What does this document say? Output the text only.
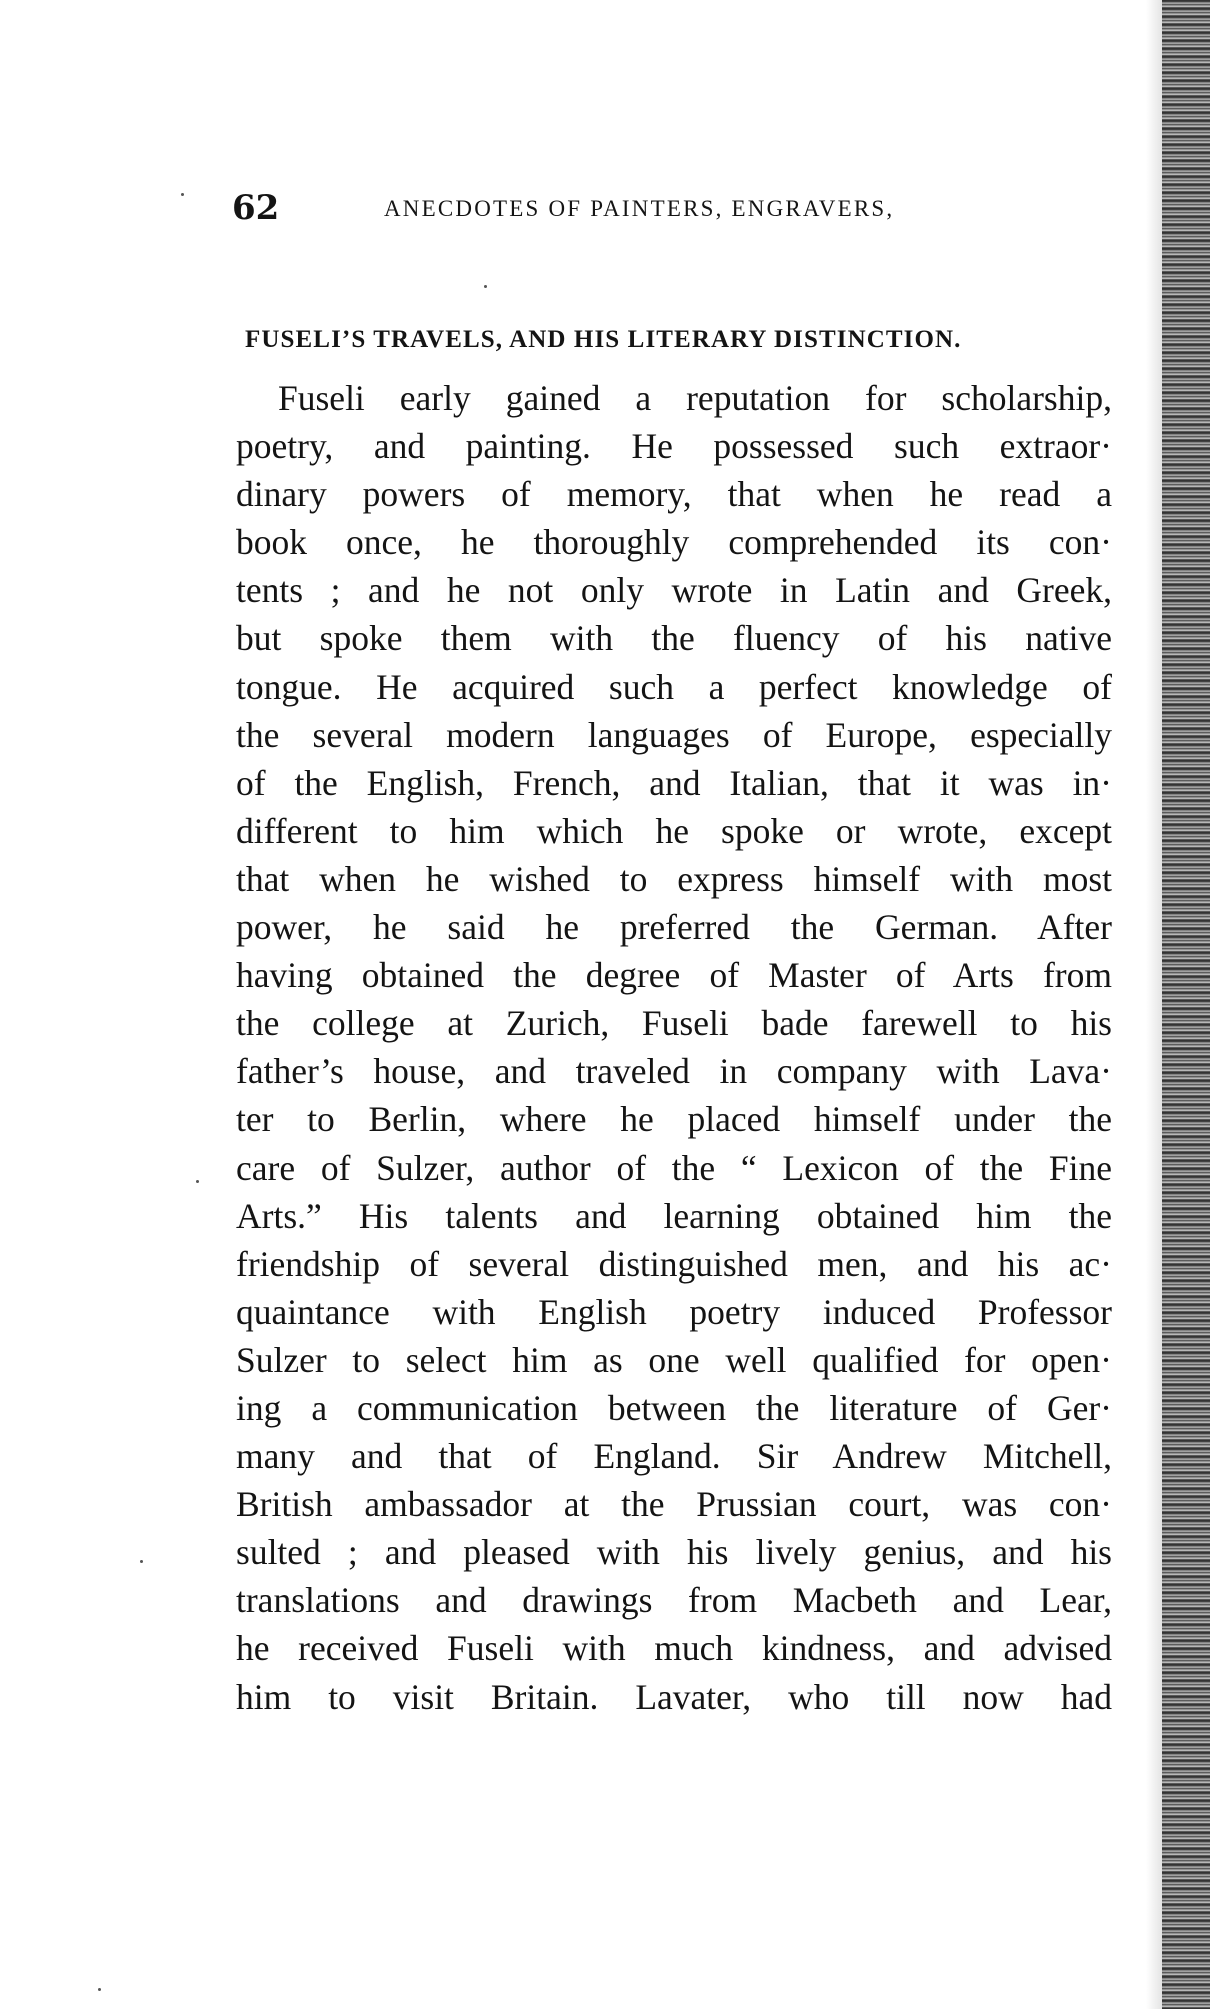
62	ANECDOTES OF PAINTERS, ENGRAVERS,
FUSELI’S TRAVELS, AND HIS LITERARY DISTINCTION.
Fuseli early gained a reputation for scholarship,
poetry, and painting. He possessed such extraor·
dinary powers of memory, that when he read a
book once, he thoroughly comprehended its con·
tents ; and he not only wrote in Latin and Greek,
but spoke them with the fluency of his native
tongue. He acquired such a perfect knowledge of
the several modern languages of Europe, especially
of the English, French, and Italian, that it was in·
different to him which he spoke or wrote, except
that when he wished to express himself with most
power, he said he preferred the German. After
having obtained the degree of Master of Arts from
the college at Zurich, Fuseli bade farewell to his
father’s house, and traveled in company with Lava·
ter to Berlin, where he placed himself under the
care of Sulzer, author of the “ Lexicon of the Fine
Arts.” His talents and learning obtained him the
friendship of several distinguished men, and his ac·
quaintance with English poetry induced Professor
Sulzer to select him as one well qualified for open·
ing a communication between the literature of Ger·
many and that of England. Sir Andrew Mitchell,
British ambassador at the Prussian court, was con·
sulted ; and pleased with his lively genius, and his
translations and drawings from Macbeth and Lear,
he received Fuseli with much kindness, and advised
him to visit Britain. Lavater, who till now had
